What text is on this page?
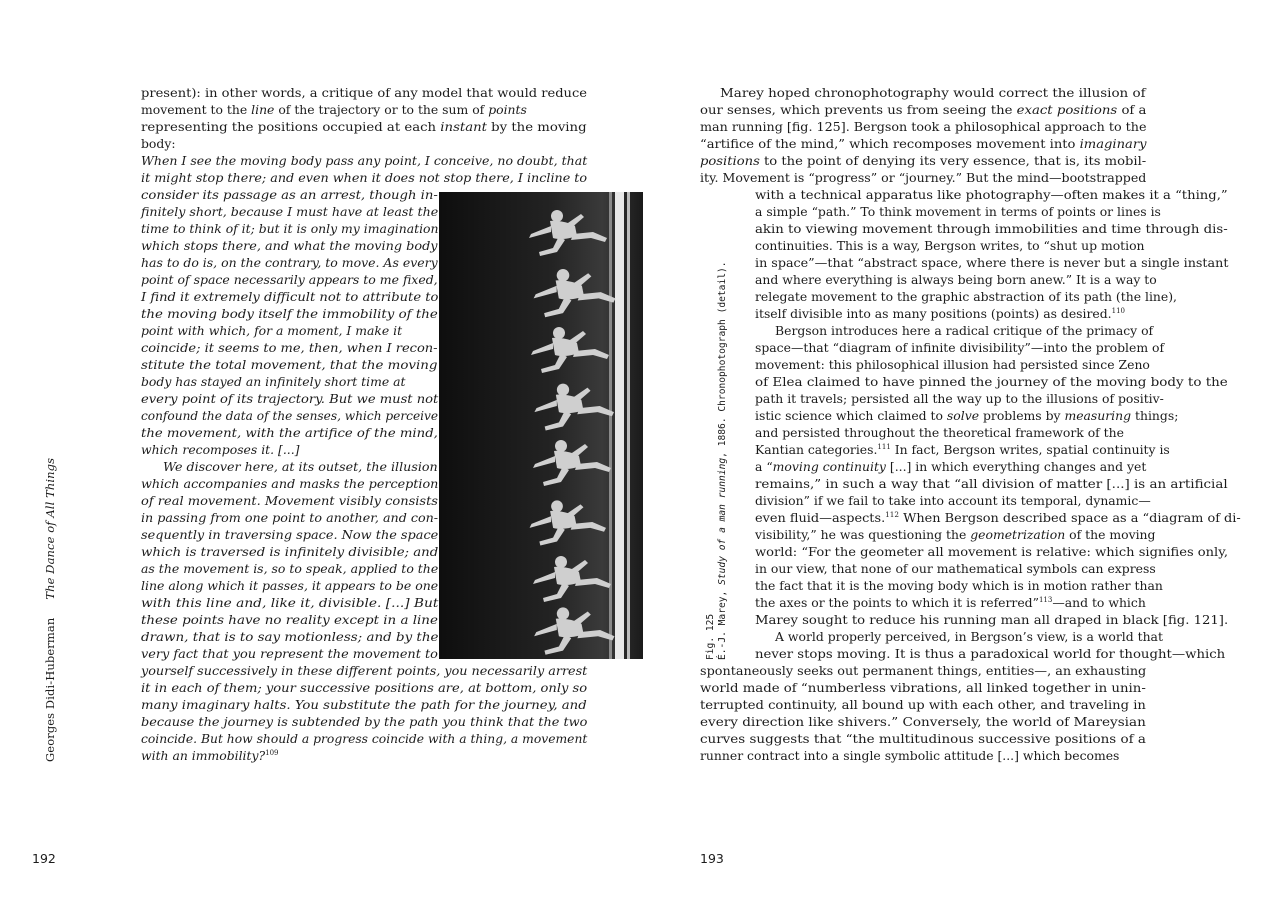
Georges Didi-HubermanThe Dance of All Things
present): in other words, a critique of any model that would reduce
movement to the line of the trajectory or to the sum of points
representing the positions occupied at each instant by the moving
body:
When I see the moving body pass any point, I conceive, no doubt, that
it might stop there; and even when it does not stop there, I incline to
consider its passage as an arrest, though in-
finitely short, because I must have at least the
time to think of it; but it is only my imagination
which stops there, and what the moving body
has to do is, on the contrary, to move. As every
point of space necessarily appears to me fixed,
I find it extremely difficult not to attribute to
the moving body itself the immobility of the
point with which, for a moment, I make it
coincide; it seems to me, then, when I recon-
stitute the total movement, that the moving
body has stayed an infinitely short time at
every point of its trajectory. But we must not
confound the data of the senses, which perceive
the movement, with the artifice of the mind,
which recomposes it. [...]
We discover here, at its outset, the illusion
which accompanies and masks the perception
of real movement. Movement visibly consists
in passing from one point to another, and con-
sequently in traversing space. Now the space
which is traversed is infinitely divisible; and
as the movement is, so to speak, applied to the
line along which it passes, it appears to be one
with this line and, like it, divisible. [...] But
these points have no reality except in a line
drawn, that is to say motionless; and by the
very fact that you represent the movement to
yourself successively in these different points, you necessarily arrest
it in each of them; your successive positions are, at bottom, only so
many imaginary halts. You substitute the path for the journey, and
because the journey is subtended by the path you think that the two
coincide. But how should a progress coincide with a thing, a movement
with an immobility?$^{109}$
192
Fig. 125 É.-J. Marey, Study of a man running, 1886. Chronophotograph (detail).
Marey hoped chronophotography would correct the illusion of
our senses, which prevents us from seeing the exact positions of a
man running [fig. 125]. Bergson took a philosophical approach to the
“artifice of the mind,” which recomposes movement into imaginary
positions to the point of denying its very essence, that is, its mobil-
ity. Movement is “progress” or “journey.” But the mind—bootstrapped
with a technical apparatus like photography—often makes it a “thing,”
a simple “path.” To think movement in terms of points or lines is
akin to viewing movement through immobilities and time through dis-
continuities. This is a way, Bergson writes, to “shut up motion
in space”—that “abstract space, where there is never but a single instant
and where everything is always being born anew.” It is a way to
relegate movement to the graphic abstraction of its path (the line),
itself divisible into as many positions (points) as desired.$^{110}$
Bergson introduces here a radical critique of the primacy of
space—that “diagram of infinite divisibility”—into the problem of
movement: this philosophical illusion had persisted since Zeno
of Elea claimed to have pinned the journey of the moving body to the
path it travels; persisted all the way up to the illusions of positiv-
istic science which claimed to solve problems by measuring things;
and persisted throughout the theoretical framework of the
Kantian categories.$^{111}$ In fact, Bergson writes, spatial continuity is
a “moving continuity [...] in which everything changes and yet
remains,” in such a way that “all division of matter [...] is an artificial
division” if we fail to take into account its temporal, dynamic—
even fluid—aspects.$^{112}$ When Bergson described space as a “diagram of di-
visibility,” he was questioning the geometrization of the moving
world: “For the geometer all movement is relative: which signifies only,
in our view, that none of our mathematical symbols can express
the fact that it is the moving body which is in motion rather than
the axes or the points to which it is referred”$^{113}$—and to which
Marey sought to reduce his running man all draped in black [fig. 121].
A world properly perceived, in Bergson’s view, is a world that
never stops moving. It is thus a paradoxical world for thought—which
spontaneously seeks out permanent things, entities—, an exhausting
world made of “numberless vibrations, all linked together in unin-
terrupted continuity, all bound up with each other, and traveling in
every direction like shivers.” Conversely, the world of Mareysian
curves suggests that “the multitudinous successive positions of a
runner contract into a single symbolic attitude [...] which becomes
193
